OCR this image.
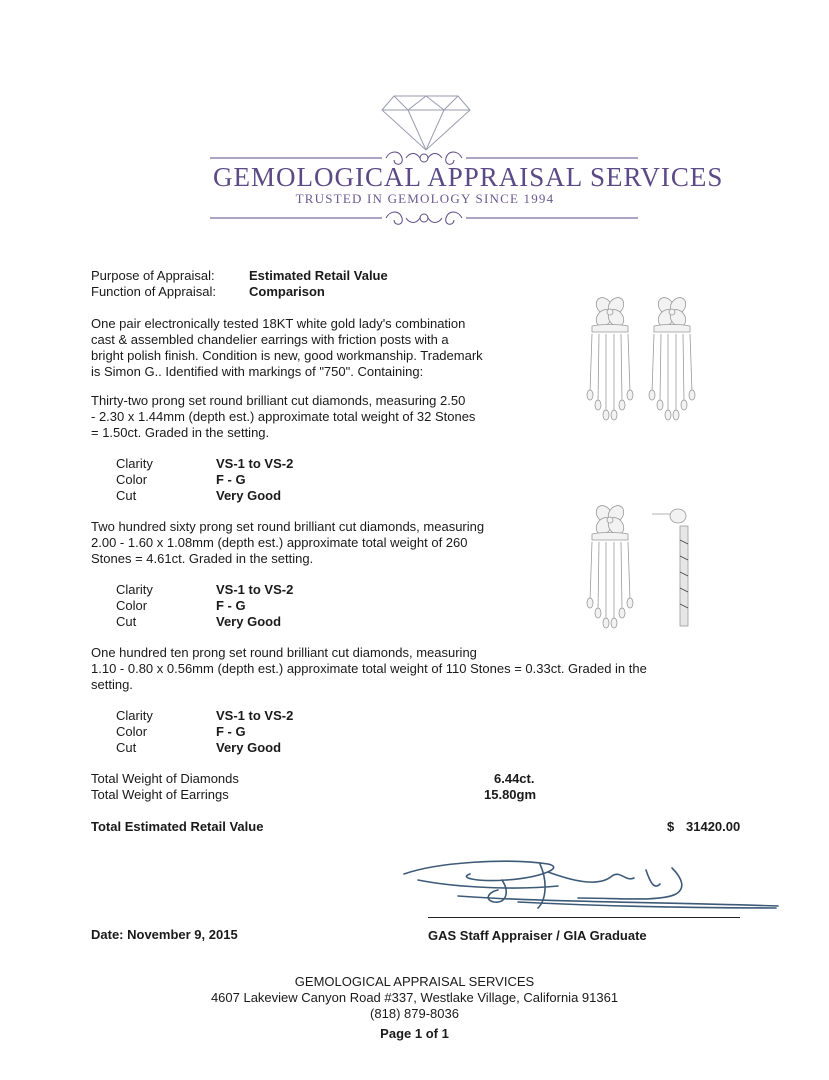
GEMOLOGICAL APPRAISAL SERVICES
TRUSTED IN GEMOLOGY SINCE 1994
Purpose of Appraisal:	Estimated Retail Value
Function of Appraisal:	Comparison
One pair electronically tested 18KT white gold lady's combination
cast & assembled chandelier earrings with friction posts with a
bright polish finish. Condition is new, good workmanship. Trademark
is Simon G.. Identified with markings of "750". Containing:
Thirty-two prong set round brilliant cut diamonds, measuring 2.50
- 2.30 x 1.44mm (depth est.) approximate total weight of 32 Stones
= 1.50ct. Graded in the setting.
Clarity	VS-1 to VS-2
Color	F - G
Cut	Very Good
Two hundred sixty prong set round brilliant cut diamonds, measuring
2.00 - 1.60 x 1.08mm (depth est.) approximate total weight of 260
Stones = 4.61ct. Graded in the setting.
Clarity	VS-1 to VS-2
Color	F - G
Cut	Very Good
One hundred ten prong set round brilliant cut diamonds, measuring
1.10 - 0.80 x 0.56mm (depth est.) approximate total weight of 110 Stones = 0.33ct. Graded in the
setting.
Clarity	VS-1 to VS-2
Color	F - G
Cut	Very Good
Total Weight of Diamonds	6.44ct.
Total Weight of Earrings	15.80gm
Total Estimated Retail Value	$ 31420.00
Date: November 9, 2015	GAS Staff Appraiser / GIA Graduate
GEMOLOGICAL APPRAISAL SERVICES
4607 Lakeview Canyon Road #337, Westlake Village, California 91361
(818) 879-8036
Page 1 of 1
